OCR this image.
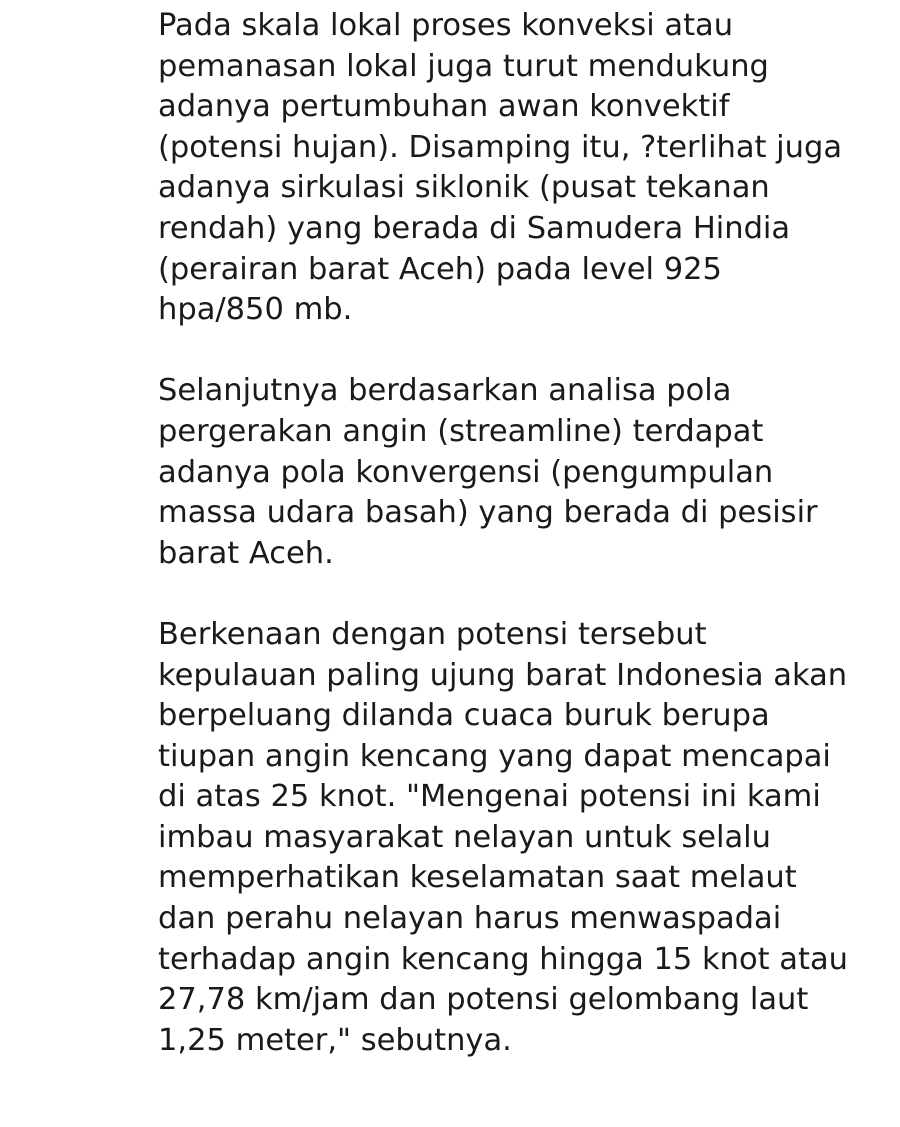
Pada skala lokal proses konveksi atau pemanasan lokal juga turut mendukung adanya pertumbuhan awan konvektif (potensi hujan). Disamping itu, ?terlihat juga adanya sirkulasi siklonik (pusat tekanan rendah) yang berada di Samudera Hindia (perairan barat Aceh) pada level 925 hpa/850 mb.

Selanjutnya berdasarkan analisa pola pergerakan angin (streamline) terdapat adanya pola konvergensi (pengumpulan massa udara basah) yang berada di pesisir barat Aceh.

Berkenaan dengan potensi tersebut kepulauan paling ujung barat Indonesia akan berpeluang dilanda cuaca buruk berupa tiupan angin kencang yang dapat mencapai di atas 25 knot. "Mengenai potensi ini kami imbau masyarakat nelayan untuk selalu memperhatikan keselamatan saat melaut dan perahu nelayan harus menwaspadai terhadap angin kencang hingga 15 knot atau 27,78 km/jam dan potensi gelombang laut 1,25 meter," sebutnya.
